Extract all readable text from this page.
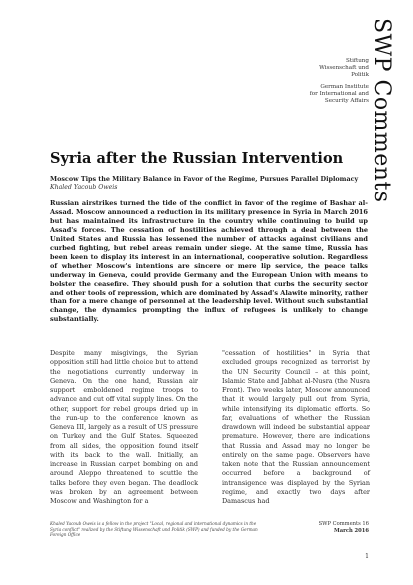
SWP Comments
Stiftung
Wissenschaft und
Politik
German Institute
for International and
Security Affairs
Syria after the Russian Intervention
Moscow Tips the Military Balance in Favor of the Regime, Pursues Parallel Diplomacy
Khaled Yacoub Oweis

Russian airstrikes turned the tide of the conflict in favor of the regime of Bashar al-Assad. Moscow announced a reduction in its military presence in Syria in March 2016 but has maintained its infrastructure in the country while continuing to build up Assad's forces. The cessation of hostilities achieved through a deal between the United States and Russia has lessened the number of attacks against civilians and curbed fighting, but rebel areas remain under siege. At the same time, Russia has been keen to display its interest in an international, cooperative solution. Regardless of whether Moscow's intentions are sincere or mere lip service, the peace talks underway in Geneva, could provide Germany and the European Union with means to bolster the ceasefire. They should push for a solution that curbs the security sector and other tools of repression, which are dominated by Assad's Alawite minority, rather than for a mere change of personnel at the leadership level. Without such substantial change, the dynamics prompting the influx of refugees is unlikely to change substantially.

Despite many misgivings, the Syrian opposition still had little choice but to attend the negotiations currently underway in Geneva. On the one hand, Russian air support emboldened regime troops to advance and cut off vital supply lines. On the other, support for rebel groups dried up in the run-up to the conference known as Geneva III, largely as a result of US pressure on Turkey and the Gulf States. Squeezed from all sides, the opposition found itself with its back to the wall. Initially, an increase in Russian carpet bombing on and around Aleppo threatened to scuttle the talks before they even began. The deadlock was broken by an agreement between Moscow and Washington for a

"cessation of hostilities" in Syria that excluded groups recognized as terrorist by the UN Security Council – at this point, Islamic State and Jabhat al-Nusra (the Nusra Front). Two weeks later, Moscow announced that it would largely pull out from Syria, while intensifying its diplomatic efforts. So far, evaluations of whether the Russian drawdown will indeed be substantial appear premature. However, there are indications that Russia and Assad may no longer be entirely on the same page. Observers have taken note that the Russian announcement occurred before a background of intransigence was displayed by the Syrian regime, and exactly two days after Damascus had

Khaled Yacoub Oweis is a fellow in the project "Local, regional and international dynamics in the Syria conflict" realized by the Stiftung Wissenschaft und Politik (SWP) and funded by the German Foreign Office
SWP Comments 16
March 2016
1
